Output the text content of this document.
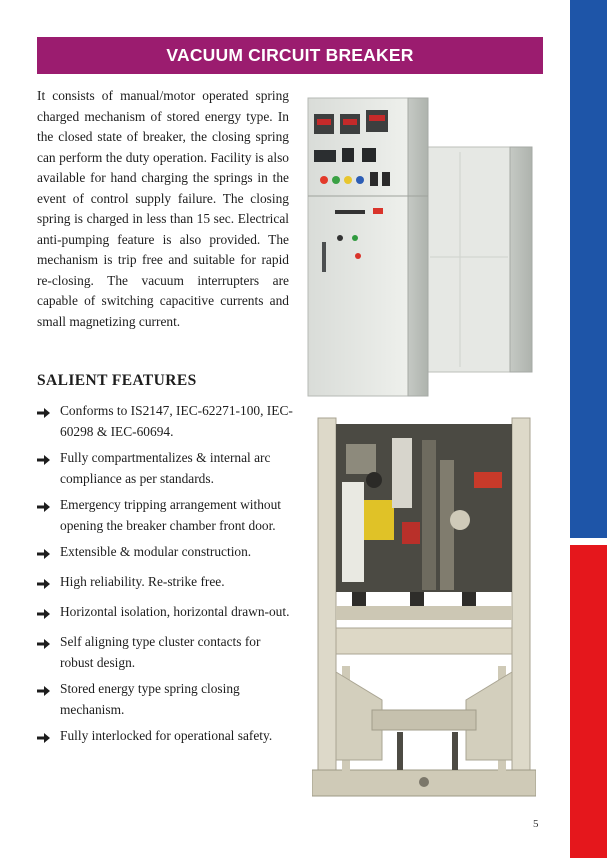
VACUUM CIRCUIT BREAKER

It consists of manual/motor operated spring charged mechanism of stored energy type. In the closed state of breaker, the closing spring can perform the duty operation. Facility is also available for hand charging the springs in the event of control supply failure. The closing spring is charged in less than 15 sec. Electrical anti-pumping feature is also provided. The mechanism is trip free and suitable for rapid re-closing. The vacuum interrupters are capable of switching capacitive currents and small magnetizing current.

SALIENT FEATURES
Conforms to IS2147, IEC-62271-100, IEC-60298 & IEC-60694.
Fully compartmentalizes & internal arc compliance as per standards.
Emergency tripping arrangement without opening the breaker chamber front door.
Extensible & modular construction.
High reliability. Re-strike free.
Horizontal isolation, horizontal drawn-out.
Self aligning type cluster contacts for robust design.
Stored energy type spring closing mechanism.
Fully interlocked for operational safety.
5
